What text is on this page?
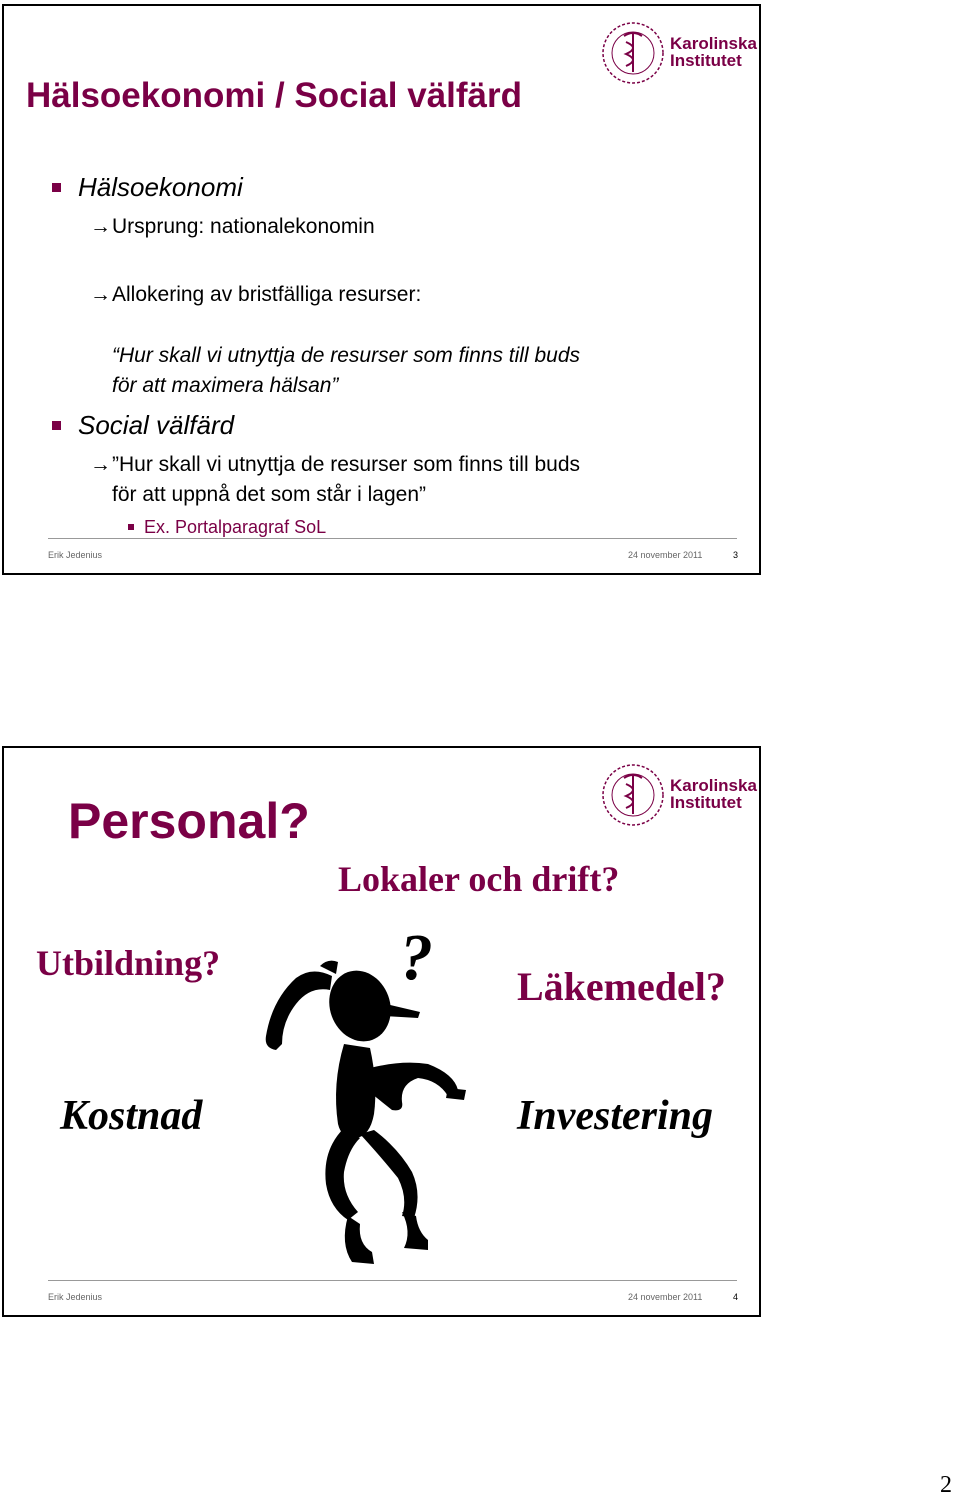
Karolinska
Institutet
Hälsoekonomi / Social välfärd
Hälsoekonomi
→ Ursprung: nationalekonomin
→ Allokering av bristfälliga resurser:
“Hur skall vi utnyttja de resurser som finns till buds
för att maximera hälsan”
Social välfärd
→ ”Hur skall vi utnyttja de resurser som finns till buds
för att uppnå det som står i lagen”
Ex. Portalparagraf SoL
Erik Jedenius	24 november 2011	3
Karolinska
Institutet
Personal?
Lokaler och drift?
Utbildning?
Läkemedel?
Kostnad	Investering
?
Erik Jedenius	24 november 2011	4
2
